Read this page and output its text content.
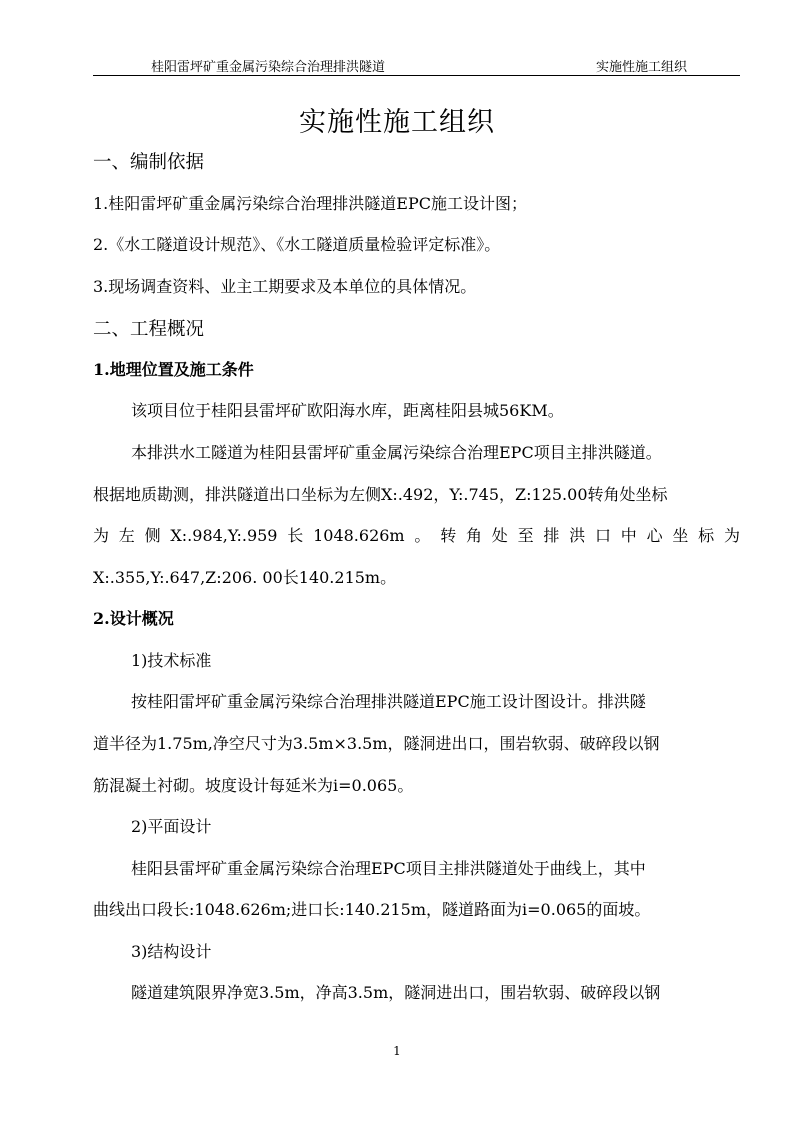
桂阳雷坪矿重金属污染综合治理排洪隧道	实施性施工组织
实施性施工组织
一、编制依据
1.桂阳雷坪矿重金属污染综合治理排洪隧道EPC施工设计图；
2.《水工隧道设计规范》、《水工隧道质量检验评定标准》。
3.现场调查资料、业主工期要求及本单位的具体情况。
二、工程概况
1.地理位置及施工条件
该项目位于桂阳县雷坪矿欧阳海水库，距离桂阳县城56KM。
本排洪水工隧道为桂阳县雷坪矿重金属污染综合治理EPC项目主排洪隧道。
根据地质勘测，排洪隧道出口坐标为左侧X:.492，Y:.745，Z:125.00转角处坐标
为左侧X:.984,Y:.959长1048.626m。转角处至排洪口中心坐标为
X:.355,Y:.647,Z:206. 00长140.215m。
2.设计概况
1)技术标准
按桂阳雷坪矿重金属污染综合治理排洪隧道EPC施工设计图设计。排洪隧
道半径为1.75m,净空尺寸为3.5m×3.5m，隧洞进出口，围岩软弱、破碎段以钢
筋混凝土衬砌。坡度设计每延米为i=0.065。
2)平面设计
桂阳县雷坪矿重金属污染综合治理EPC项目主排洪隧道处于曲线上，其中
曲线出口段长:1048.626m;进口长:140.215m，隧道路面为i=0.065的面坡。
3)结构设计
隧道建筑限界净宽3.5m，净高3.5m，隧洞进出口，围岩软弱、破碎段以钢
1
